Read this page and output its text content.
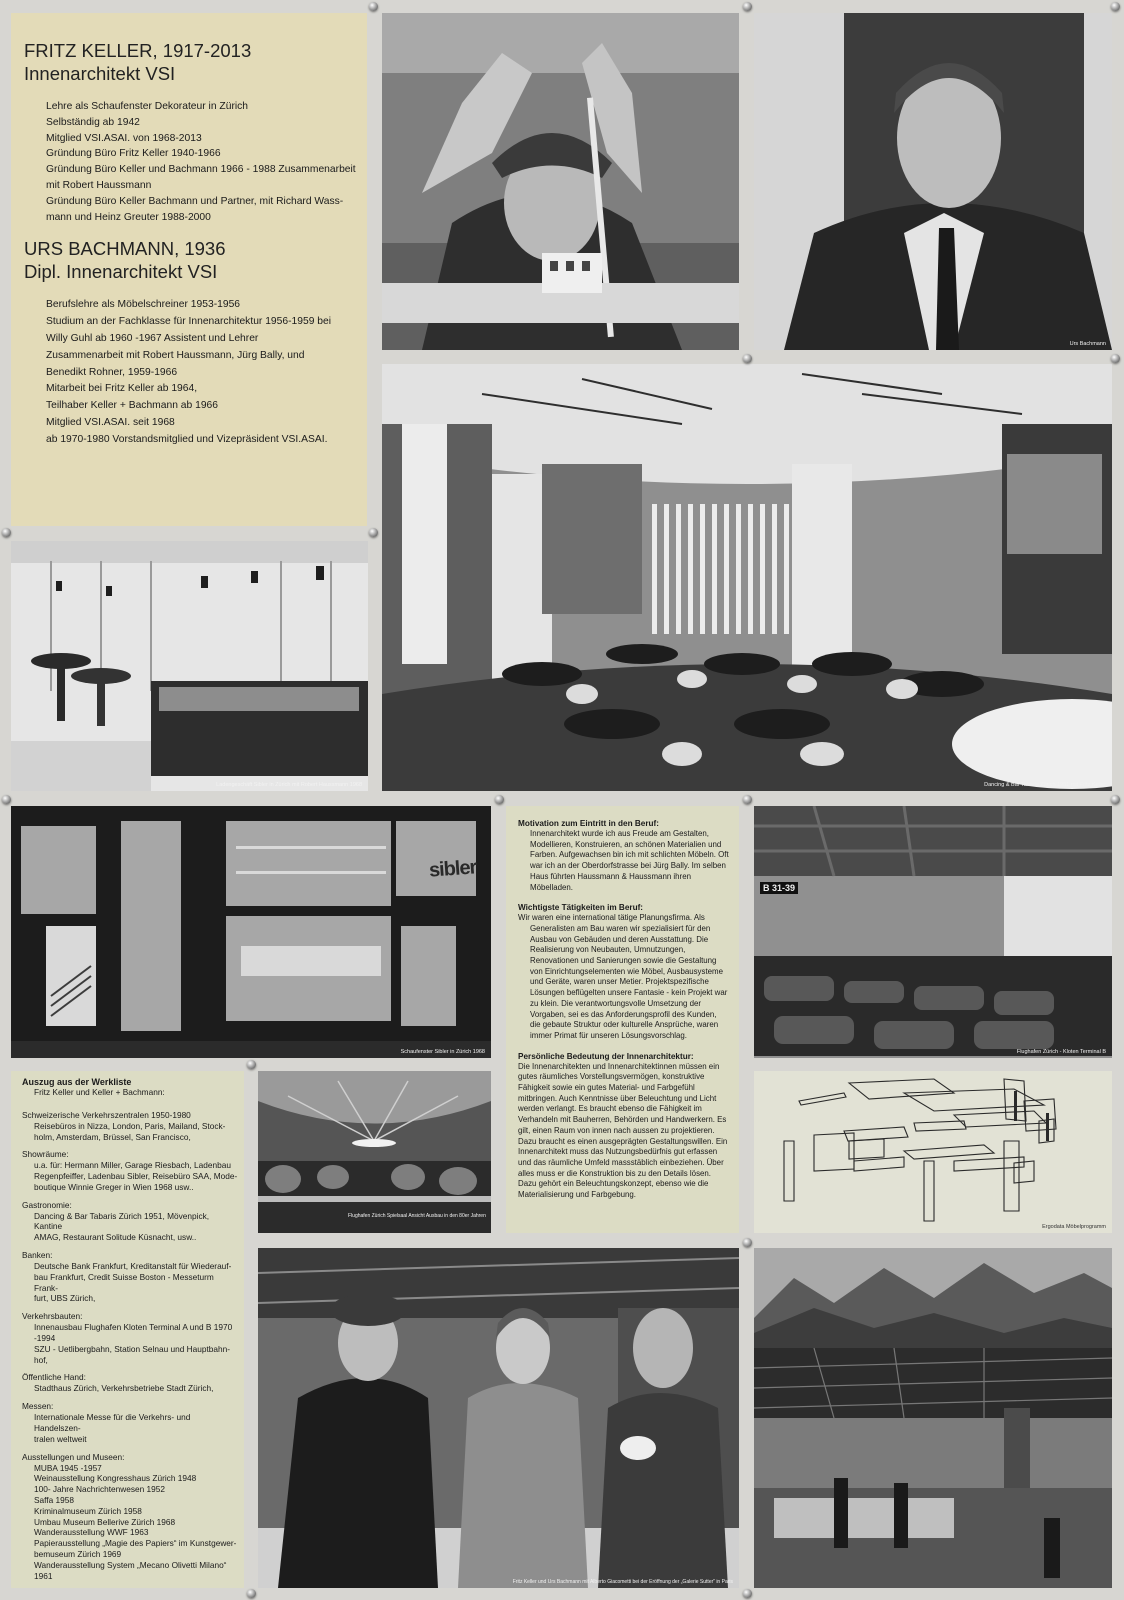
FRITZ KELLER, 1917-2013
Innenarchitekt VSI
Lehre als Schaufenster Dekorateur in Zürich
Selbständig ab 1942
Mitglied VSI.ASAI. von 1968-2013
Gründung Büro Fritz Keller 1940-1966
Gründung Büro Keller und Bachmann 1966 - 1988 Zusammenarbeit
mit Robert Haussmann
Gründung Büro Keller Bachmann und Partner, mit Richard Wass-
mann und Heinz Greuter 1988-2000
URS BACHMANN, 1936
Dipl. Innenarchitekt VSI
Berufslehre als Möbelschreiner 1953-1956
Studium an der Fachklasse für Innenarchitektur 1956-1959 bei
Willy Guhl ab 1960 -1967 Assistent und Lehrer
Zusammenarbeit mit Robert Haussmann, Jürg Bally, und
Benedikt Rohner, 1959-1966
Mitarbeit bei Fritz Keller ab 1964,
Teilhaber Keller + Bachmann ab 1966
Mitglied VSI.ASAI. seit 1968
ab 1970-1980 Vorstandsmitglied und Vizepräsident VSI.ASAI.
Urs Bachmann
Ladengeschäft Sibler in Zürich mit Robert Haussmann 1968	Dancing & Bar Tabaris Zürich 1951 mit Fritz Keller
sibler
Schaufenster Sibler in Zürich 1968
Motivation zum Eintritt in den Beruf:

Innenarchitekt wurde ich aus Freude am Gestalten, Modellieren, Konstruieren, an schönen Materialien und Farben. Aufgewachsen bin ich mit schlichten Möbeln. Oft war ich an der Oberdorfstrasse bei Jürg Bally. Im selben Haus führten Haussmann & Haussmann ihren Möbelladen.

Wichtigste Tätigkeiten im Beruf:

Wir waren eine international tätige Planungsfirma. Als Generalisten am Bau waren wir spezialisiert für den Ausbau von Gebäuden und deren Ausstattung. Die Realisierung von Neubauten, Umnutzungen, Renovationen und Sanierungen sowie die Gestaltung von Einrichtungselementen wie Möbel, Ausbausysteme und Geräte, waren unser Metier. Projektspezifische Lösungen beflügelten unsere Fantasie - kein Projekt war zu klein. Die verantwortungsvolle Umsetzung der Vorgaben, sei es das Anforderungsprofil des Kunden, die gebaute Struktur oder kulturelle Ansprüche, waren immer Primat für unseren Lösungsvorschlag.

Persönliche Bedeutung der Innenarchitektur:

Die Innenarchitekten und Innenarchitektinnen müssen ein gutes räumliches Vorstellungsvermögen, konstruktive Fähigkeit sowie ein gutes Material- und Farbgefühl mitbringen. Auch Kenntnisse über Beleuchtung und Licht werden verlangt. Es braucht ebenso die Fähigkeit im Verhandeln mit Bauherren, Behörden und Handwerkern. Es gilt, einen Raum von innen nach aussen zu projektieren. Dazu braucht es einen ausgeprägten Gestaltungswillen. Ein Innenarchitekt muss das Nutzungsbedürfnis gut erfassen und das räumliche Umfeld massstäblich einbeziehen. Über alles muss er die Konstruktion bis zu den Details lösen. Dazu gehört ein Beleuchtungskonzept, ebenso wie die Materialisierung und Farbgebung.

B 31-39
Flughafen Zürich - Kloten Terminal B
Auszug aus der Werkliste
Fritz Keller und Keller + Bachmann:
Schweizerische Verkehrszentralen 1950-1980
Reisebüros in Nizza, London, Paris, Mailand, Stock-
holm, Amsterdam, Brüssel, San Francisco,
Showräume:
u.a. für: Hermann Miller, Garage Riesbach, Ladenbau
Regenpfeiffer, Ladenbau Sibler, Reisebüro SAA, Mode-
boutique Winnie Greger in Wien 1968 usw..
Gastronomie:
Dancing & Bar Tabaris Zürich 1951, Mövenpick, Kantine
AMAG, Restaurant Solitude Küsnacht, usw..
Banken:
Deutsche Bank Frankfurt, Kreditanstalt für Wiederauf-
bau Frankfurt, Credit Suisse Boston - Messeturm Frank-
furt, UBS Zürich,
Verkehrsbauten:
Innenausbau Flughafen Kloten Terminal A und B 1970
-1994
SZU - Uetlibergbahn, Station Selnau und Hauptbahn-
hof,
Öffentliche Hand:
Stadthaus Zürich, Verkehrsbetriebe Stadt Zürich,
Messen:
Internationale Messe für die Verkehrs- und Handelszen-
tralen weltweit
Ausstellungen und Museen:
MUBA 1945 -1957
Weinausstellung Kongresshaus Zürich 1948
100- Jahre Nachrichtenwesen 1952
Saffa 1958
Kriminalmuseum Zürich 1958
Umbau Museum Bellerive Zürich 1968
Wanderausstellung WWF 1963
Papierausstellung „Magie des Papiers“ im Kunstgewer-
bemuseum Zürich 1969
Wanderausstellung System „Mecano Olivetti Milano“
1961
Flughafen Zürich Spielsaal Ansicht Ausbau in den 80er Jahren
Ergodata Möbelprogramm
Fritz Keller und Urs Bachmann mit Alberto Giacometti bei der Eröffnung der „Galerie Sutter“ in Paris
